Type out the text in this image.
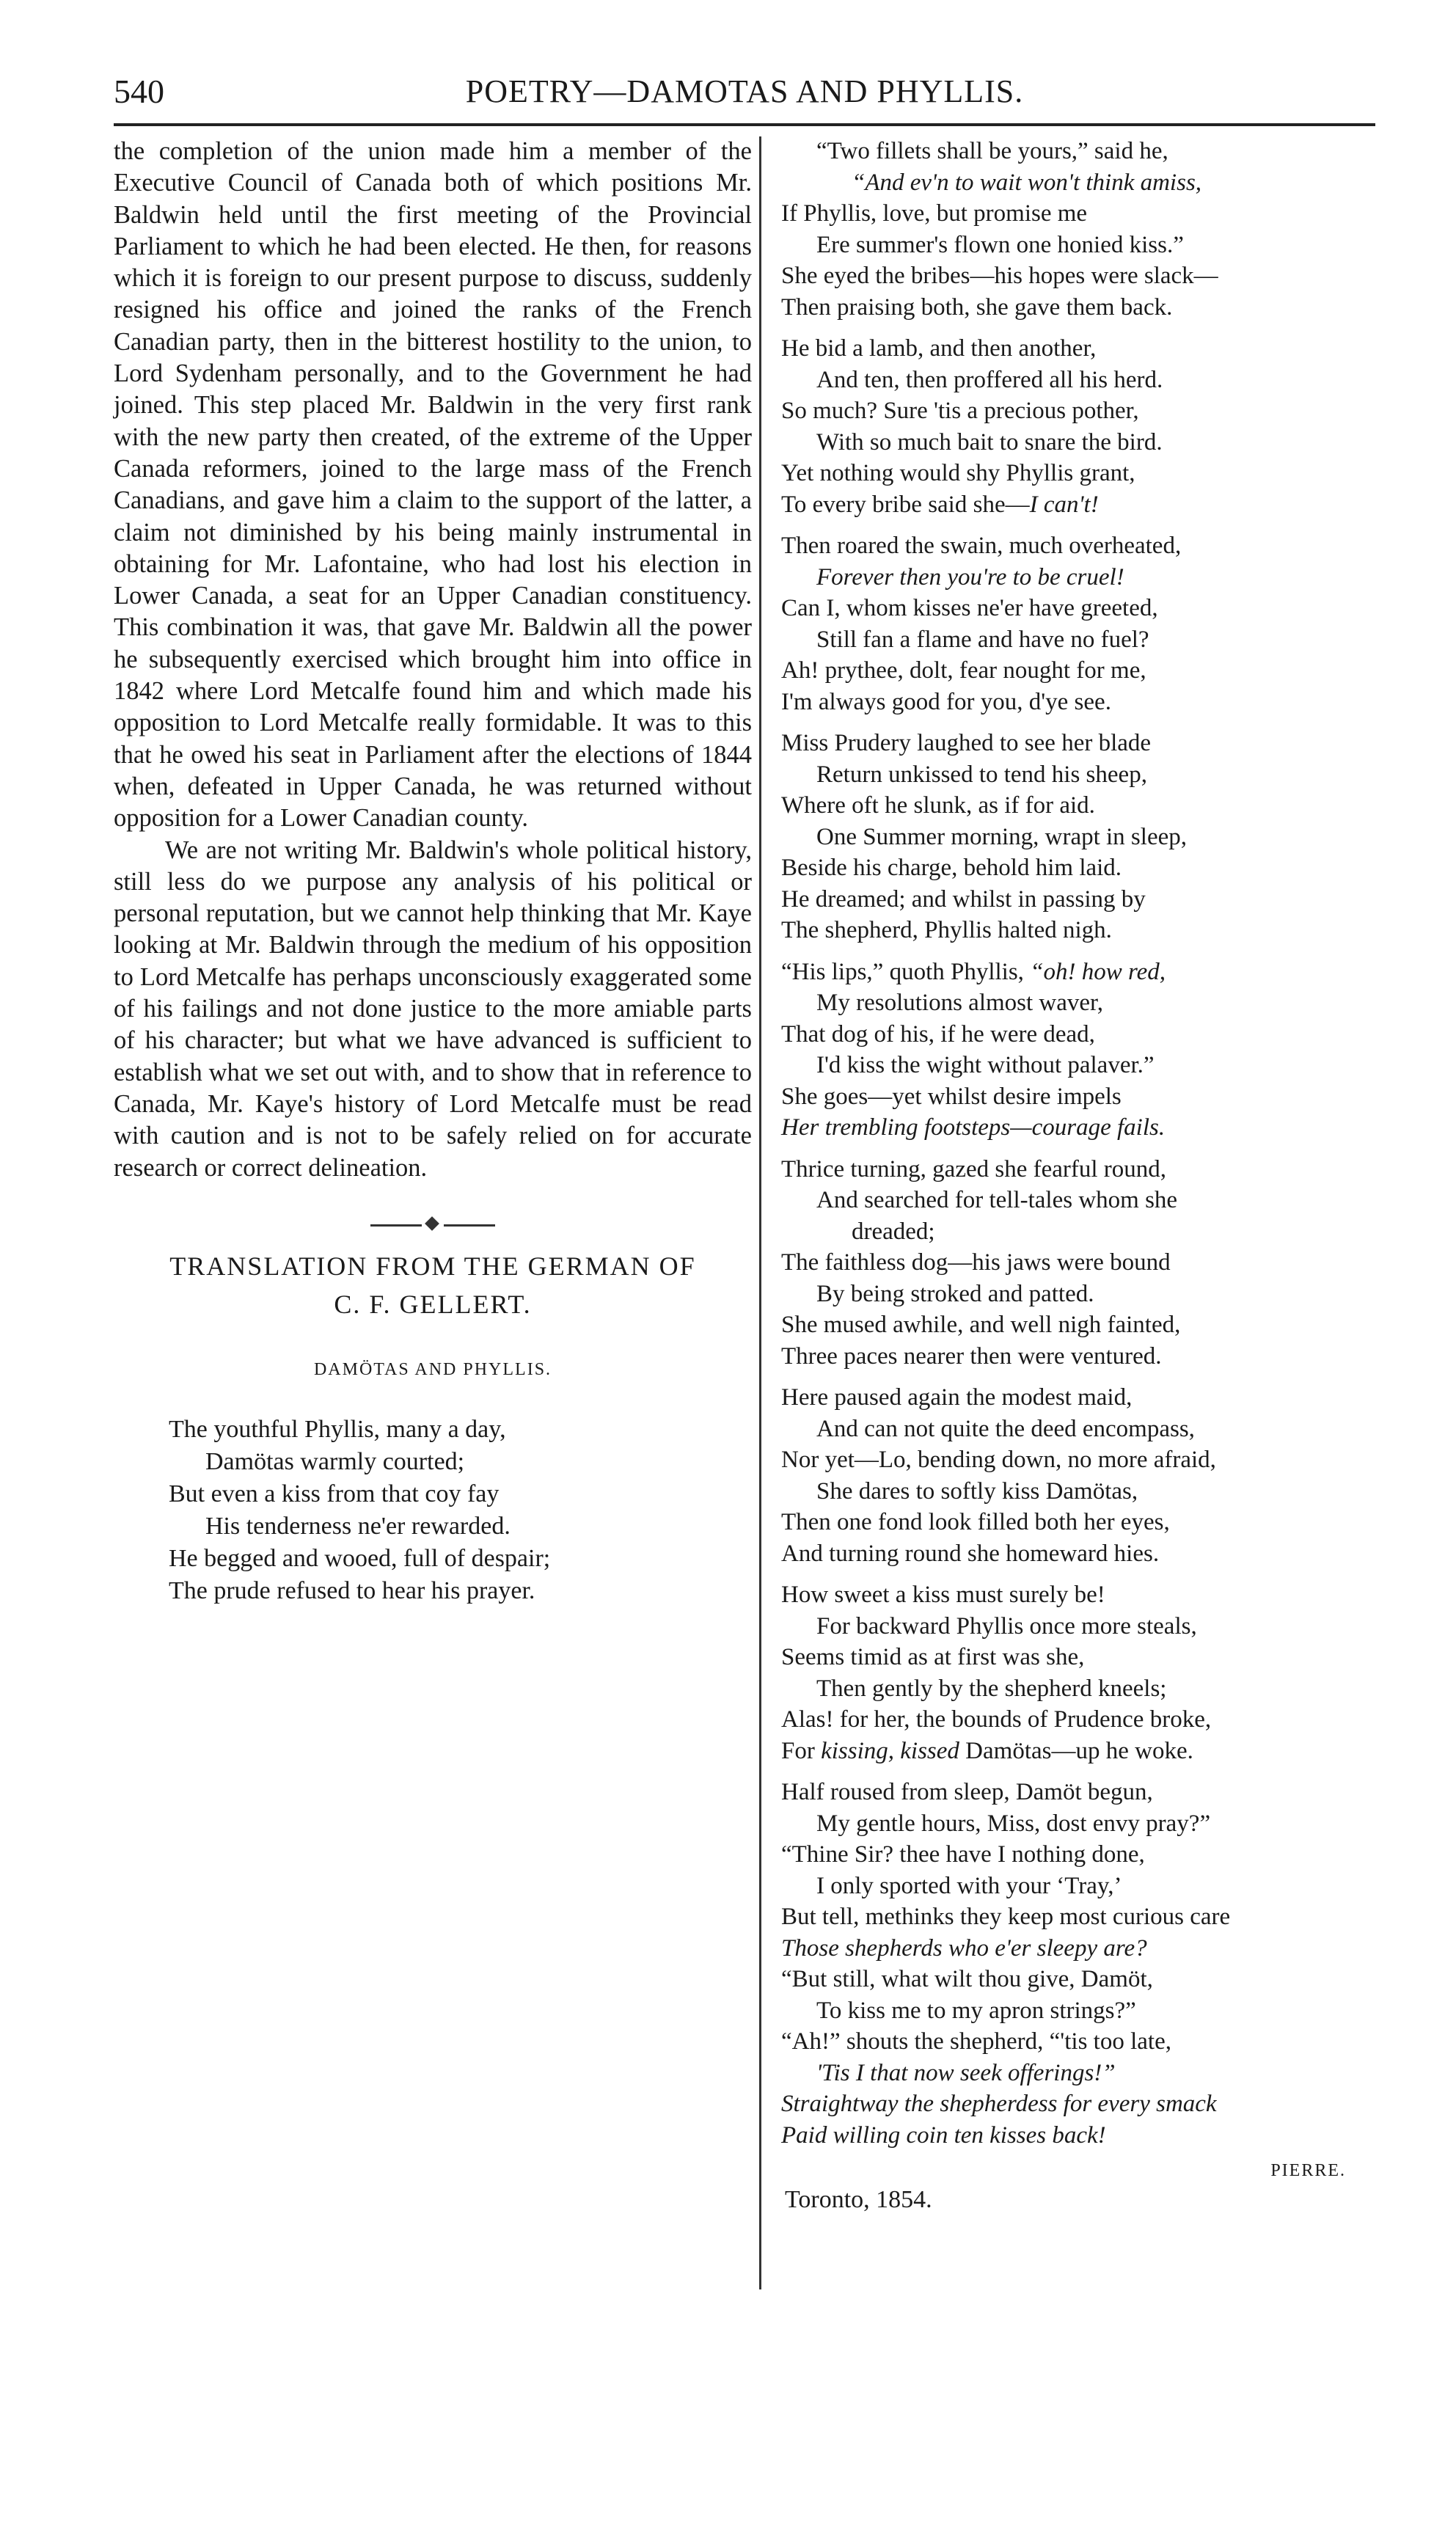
540	POETRY—DAMOTAS AND PHYLLIS.

the completion of the union made him a member of the Executive Council of Canada both of which positions Mr. Baldwin held until the first meeting of the Provincial Parliament to which he had been elected. He then, for reasons which it is foreign to our present purpose to discuss, suddenly resigned his office and joined the ranks of the French Canadian party, then in the bitterest hostility to the union, to Lord Sydenham personally, and to the Government he had joined. This step placed Mr. Baldwin in the very first rank with the new party then created, of the extreme of the Upper Canada reformers, joined to the large mass of the French Canadians, and gave him a claim to the support of the latter, a claim not diminished by his being mainly instrumental in obtaining for Mr. Lafontaine, who had lost his election in Lower Canada, a seat for an Upper Canadian constituency. This combination it was, that gave Mr. Baldwin all the power he subsequently exercised which brought him into office in 1842 where Lord Metcalfe found him and which made his opposition to Lord Metcalfe really formidable. It was to this that he owed his seat in Parliament after the elections of 1844 when, defeated in Upper Canada, he was returned without opposition for a Lower Canadian county.

We are not writing Mr. Baldwin's whole political history, still less do we purpose any analysis of his political or personal reputation, but we cannot help thinking that Mr. Kaye looking at Mr. Baldwin through the medium of his opposition to Lord Metcalfe has perhaps unconsciously exaggerated some of his failings and not done justice to the more amiable parts of his character; but what we have advanced is sufficient to establish what we set out with, and to show that in reference to Canada, Mr. Kaye's history of Lord Metcalfe must be read with caution and is not to be safely relied on for accurate research or correct delineation.

TRANSLATION FROM THE GERMAN OF

C. F. GELLERT.

DAMÖTAS AND PHYLLIS.

The youthful Phyllis, many a day,
Damötas warmly courted;
But even a kiss from that coy fay
His tenderness ne'er rewarded.
He begged and wooed, full of despair;
The prude refused to hear his prayer.
“Two fillets shall be yours,” said he,
“And ev'n to wait won't think amiss,
If Phyllis, love, but promise me
Ere summer's flown one honied kiss.”
She eyed the bribes—his hopes were slack—
Then praising both, she gave them back.
He bid a lamb, and then another,
And ten, then proffered all his herd.
So much? Sure 'tis a precious pother,
With so much bait to snare the bird.
Yet nothing would shy Phyllis grant,
To every bribe said she—I can't!
Then roared the swain, much overheated,
Forever then you're to be cruel!
Can I, whom kisses ne'er have greeted,
Still fan a flame and have no fuel?
Ah! prythee, dolt, fear nought for me,
I'm always good for you, d'ye see.
Miss Prudery laughed to see her blade
Return unkissed to tend his sheep,
Where oft he slunk, as if for aid.
One Summer morning, wrapt in sleep,
Beside his charge, behold him laid.
He dreamed; and whilst in passing by
The shepherd, Phyllis halted nigh.
“His lips,” quoth Phyllis, “oh! how red,
My resolutions almost waver,
That dog of his, if he were dead,
I'd kiss the wight without palaver.”
She goes—yet whilst desire impels
Her trembling footsteps—courage fails.
Thrice turning, gazed she fearful round,
And searched for tell-tales whom she
dreaded;
The faithless dog—his jaws were bound
By being stroked and patted.
She mused awhile, and well nigh fainted,
Three paces nearer then were ventured.
Here paused again the modest maid,
And can not quite the deed encompass,
Nor yet—Lo, bending down, no more afraid,
She dares to softly kiss Damötas,
Then one fond look filled both her eyes,
And turning round she homeward hies.
How sweet a kiss must surely be!
For backward Phyllis once more steals,
Seems timid as at first was she,
Then gently by the shepherd kneels;
Alas! for her, the bounds of Prudence broke,
For kissing, kissed Damötas—up he woke.
Half roused from sleep, Damöt begun,
My gentle hours, Miss, dost envy pray?”
“Thine Sir? thee have I nothing done,
I only sported with your ‘Tray,’
But tell, methinks they keep most curious care
Those shepherds who e'er sleepy are?
“But still, what wilt thou give, Damöt,
To kiss me to my apron strings?”
“Ah!” shouts the shepherd, “'tis too late,
'Tis I that now seek offerings!”
Straightway the shepherdess for every smack
Paid willing coin ten kisses back!
PIERRE.
Toronto, 1854.
